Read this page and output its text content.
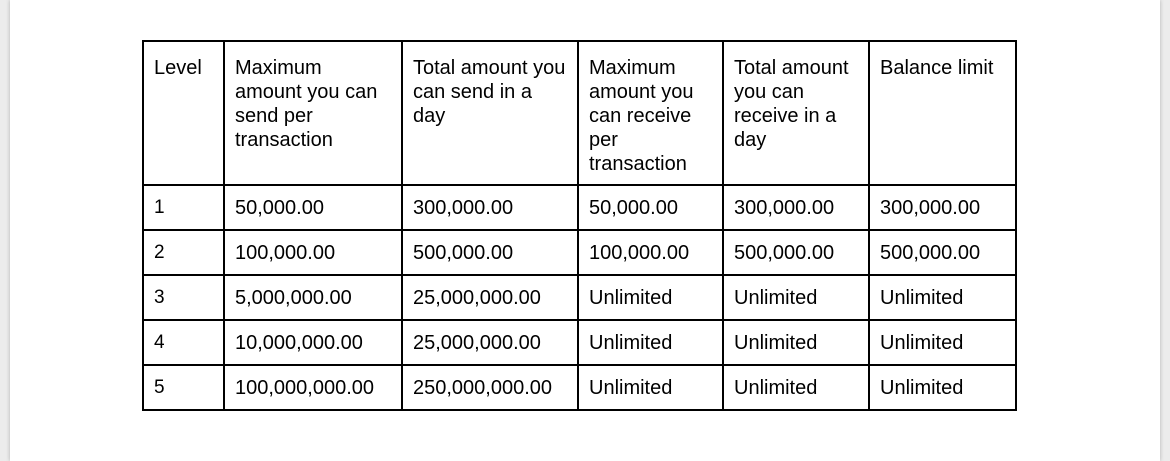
Level	Maximum amount you can send per transaction	Total amount you can send in a day	Maximum amount you can receive per transaction	Total amount you can receive in a day	Balance limit
1	50,000.00	300,000.00	50,000.00	300,000.00	300,000.00
2	100,000.00	500,000.00	100,000.00	500,000.00	500,000.00
3	5,000,000.00	25,000,000.00	Unlimited	Unlimited	Unlimited
4	10,000,000.00	25,000,000.00	Unlimited	Unlimited	Unlimited
5	100,000,000.00	250,000,000.00	Unlimited	Unlimited	Unlimited
